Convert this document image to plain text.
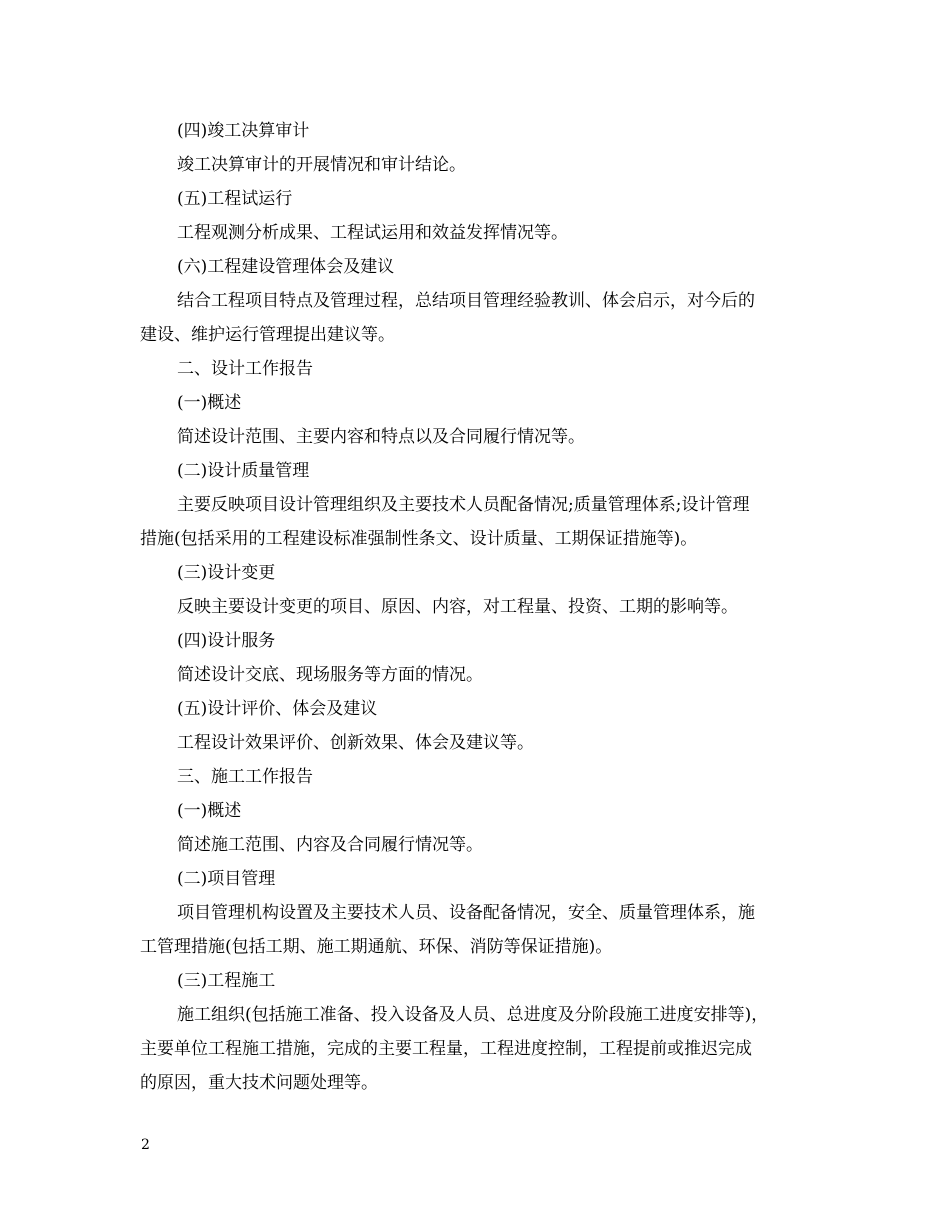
(四)竣工决算审计
竣工决算审计的开展情况和审计结论。
(五)工程试运行
工程观测分析成果、工程试运用和效益发挥情况等。
(六)工程建设管理体会及建议
结合工程项目特点及管理过程，总结项目管理经验教训、体会启示，对今后的
建设、维护运行管理提出建议等。
二、设计工作报告
(一)概述
简述设计范围、主要内容和特点以及合同履行情况等。
(二)设计质量管理
主要反映项目设计管理组织及主要技术人员配备情况;质量管理体系;设计管理
措施(包括采用的工程建设标准强制性条文、设计质量、工期保证措施等)。
(三)设计变更
反映主要设计变更的项目、原因、内容，对工程量、投资、工期的影响等。
(四)设计服务
简述设计交底、现场服务等方面的情况。
(五)设计评价、体会及建议
工程设计效果评价、创新效果、体会及建议等。
三、施工工作报告
(一)概述
简述施工范围、内容及合同履行情况等。
(二)项目管理
项目管理机构设置及主要技术人员、设备配备情况，安全、质量管理体系，施
工管理措施(包括工期、施工期通航、环保、消防等保证措施)。
(三)工程施工
施工组织(包括施工准备、投入设备及人员、总进度及分阶段施工进度安排等)，
主要单位工程施工措施，完成的主要工程量，工程进度控制，工程提前或推迟完成
的原因，重大技术问题处理等。
2
